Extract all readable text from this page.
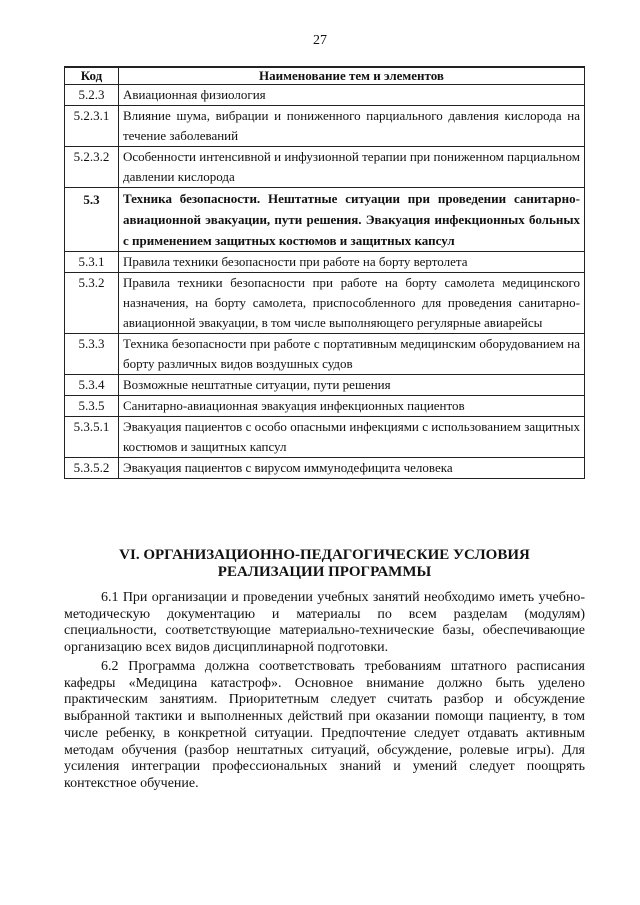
27
Код	Наименование тем и элементов
5.2.3	Авиационная физиология
5.2.3.1	Влияние шума, вибрации и пониженного парциального давления кислорода на течение заболеваний
5.2.3.2	Особенности интенсивной и инфузионной терапии при пониженном парциальном давлении кислорода
5.3	Техника безопасности. Нештатные ситуации при проведении санитарно-авиационной эвакуации, пути решения. Эвакуация инфекционных больных с применением защитных костюмов и защитных капсул
5.3.1	Правила техники безопасности при работе на борту вертолета
5.3.2	Правила техники безопасности при работе на борту самолета медицинского назначения, на борту самолета, приспособленного для проведения санитарно-авиационной эвакуации, в том числе выполняющего регулярные авиарейсы
5.3.3	Техника безопасности при работе с портативным медицинским оборудованием на борту различных видов воздушных судов
5.3.4	Возможные нештатные ситуации, пути решения
5.3.5	Санитарно-авиационная эвакуация инфекционных пациентов
5.3.5.1	Эвакуация пациентов с особо опасными инфекциями с использованием защитных костюмов и защитных капсул
5.3.5.2	Эвакуация пациентов с вирусом иммунодефицита человека
VI. ОРГАНИЗАЦИОННО-ПЕДАГОГИЧЕСКИЕ УСЛОВИЯ
РЕАЛИЗАЦИИ ПРОГРАММЫ

6.1 При организации и проведении учебных занятий необходимо иметь учебно-методическую документацию и материалы по всем разделам (модулям) специальности, соответствующие материально-технические базы, обеспечивающие организацию всех видов дисциплинарной подготовки.

6.2 Программа должна соответствовать требованиям штатного расписания кафедры «Медицина катастроф». Основное внимание должно быть уделено практическим занятиям. Приоритетным следует считать разбор и обсуждение выбранной тактики и выполненных действий при оказании помощи пациенту, в том числе ребенку, в конкретной ситуации. Предпочтение следует отдавать активным методам обучения (разбор нештатных ситуаций, обсуждение, ролевые игры). Для усиления интеграции профессиональных знаний и умений следует поощрять контекстное обучение.
